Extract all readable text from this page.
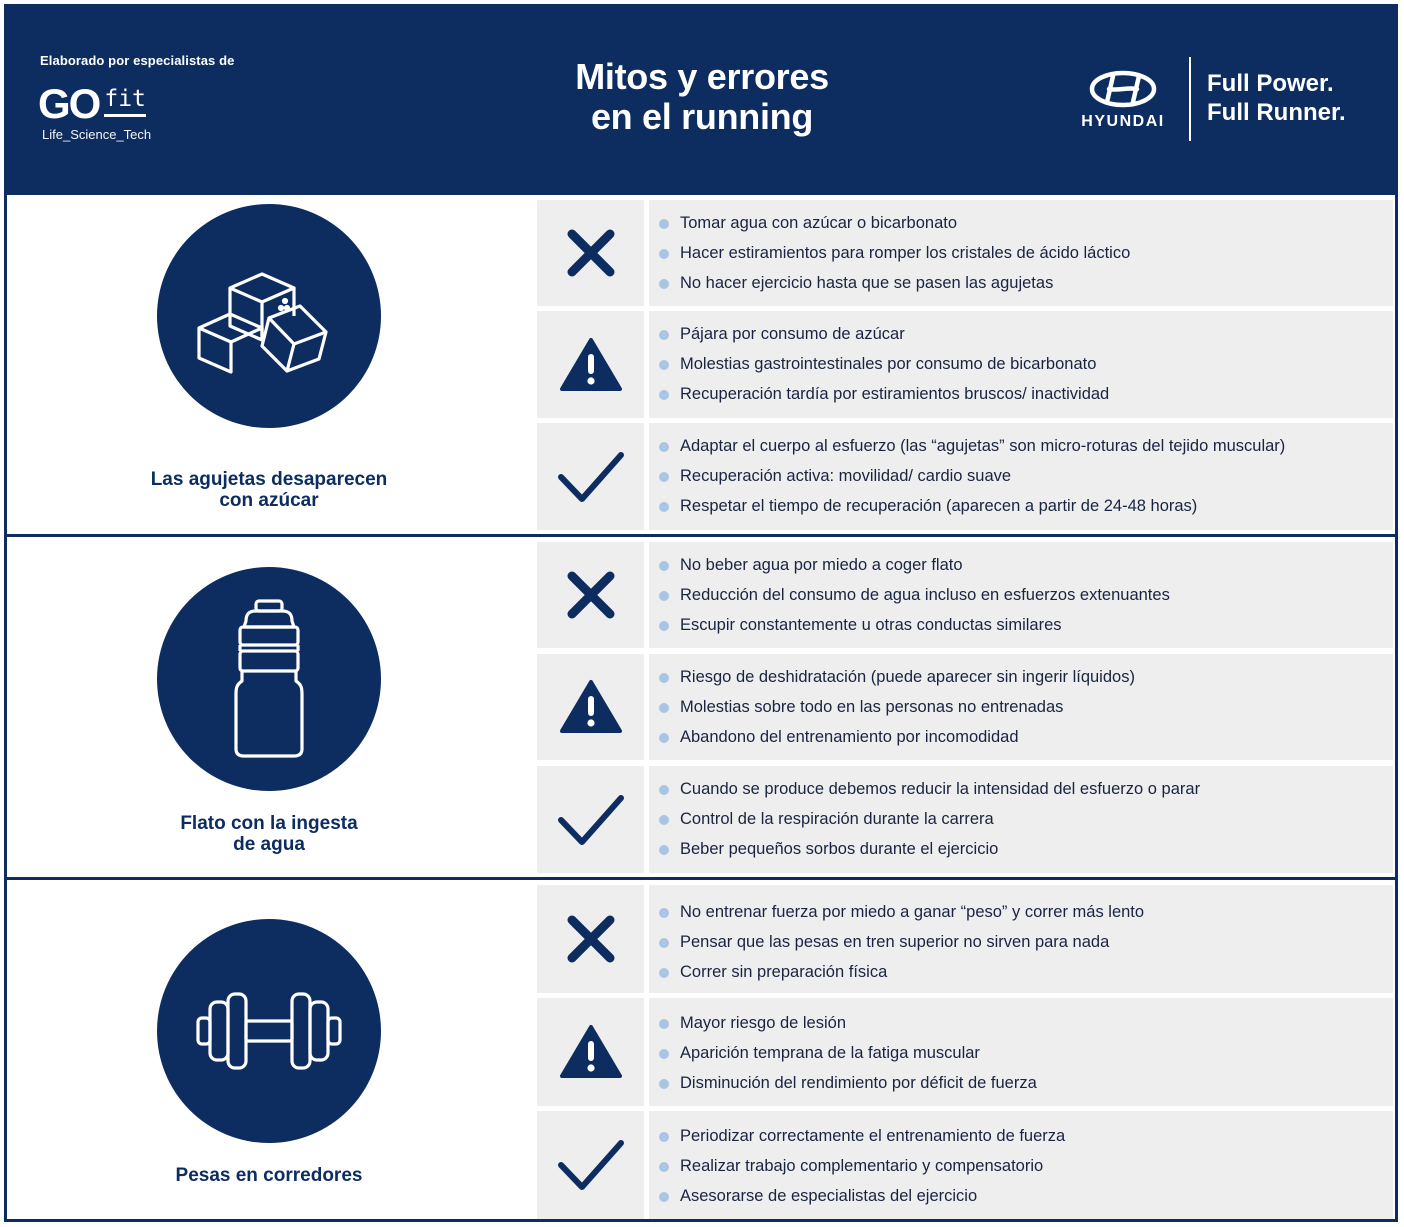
Elaborado por especialistas de
GO fit
Life_Science_Tech
Mitos y errores
en el running	HYUNDAI
Full Power.
Full Runner.
Las agujetas desaparecen
con azúcar
Tomar agua con azúcar o bicarbonato
Hacer estiramientos para romper los cristales de ácido láctico
No hacer ejercicio hasta que se pasen las agujetas
Pájara por consumo de azúcar
Molestias gastrointestinales por consumo de bicarbonato
Recuperación tardía por estiramientos bruscos/ inactividad
Adaptar el cuerpo al esfuerzo (las “agujetas” son micro-roturas del tejido muscular)
Recuperación activa: movilidad/ cardio suave
Respetar el tiempo de recuperación (aparecen a partir de 24-48 horas)
Flato con la ingesta
de agua
No beber agua por miedo a coger flato
Reducción del consumo de agua incluso en esfuerzos extenuantes
Escupir constantemente u otras conductas similares
Riesgo de deshidratación (puede aparecer sin ingerir líquidos)
Molestias sobre todo en las personas no entrenadas
Abandono del entrenamiento por incomodidad
Cuando se produce debemos reducir la intensidad del esfuerzo o parar
Control de la respiración durante la carrera
Beber pequeños sorbos durante el ejercicio
Pesas en corredores
No entrenar fuerza por miedo a ganar “peso” y correr más lento
Pensar que las pesas en tren superior no sirven para nada
Correr sin preparación física
Mayor riesgo de lesión
Aparición temprana de la fatiga muscular
Disminución del rendimiento por déficit de fuerza
Periodizar correctamente el entrenamiento de fuerza
Realizar trabajo complementario y compensatorio
Asesorarse de especialistas del ejercicio
